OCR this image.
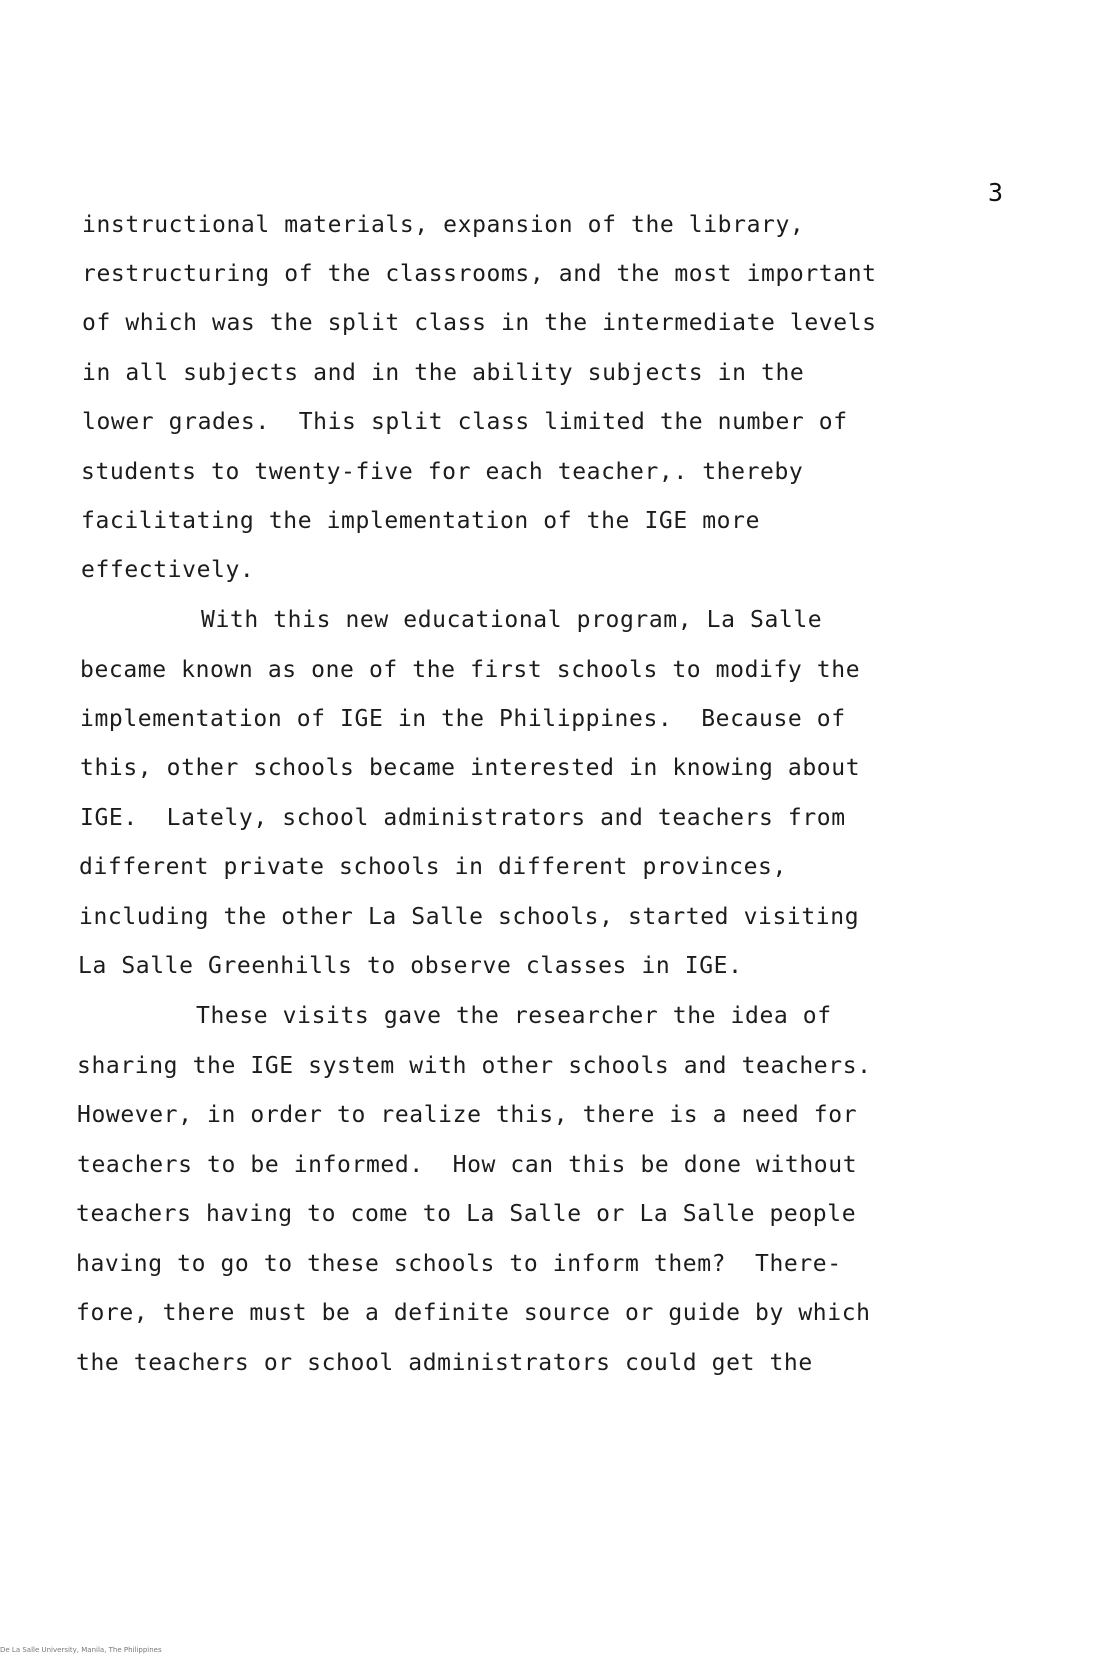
3
instructional materials, expansion of the library,
restructuring of the classrooms, and the most important
of which was the split class in the intermediate levels
in all subjects and in the ability subjects in the
lower grades.  This split class limited the number of
students to twenty-five for each teacher,. thereby
facilitating the implementation of the IGE more
effectively.
With this new educational program, La Salle
became known as one of the first schools to modify the
implementation of IGE in the Philippines.  Because of
this, other schools became interested in knowing about
IGE.  Lately, school administrators and teachers from
different private schools in different provinces,
including the other La Salle schools, started visiting
La Salle Greenhills to observe classes in IGE.
These visits gave the researcher the idea of
sharing the IGE system with other schools and teachers.
However, in order to realize this, there is a need for
teachers to be informed.  How can this be done without
teachers having to come to La Salle or La Salle people
having to go to these schools to inform them?  There-
fore, there must be a definite source or guide by which
the teachers or school administrators could get the
De La Salle University, Manila, The Philippines
